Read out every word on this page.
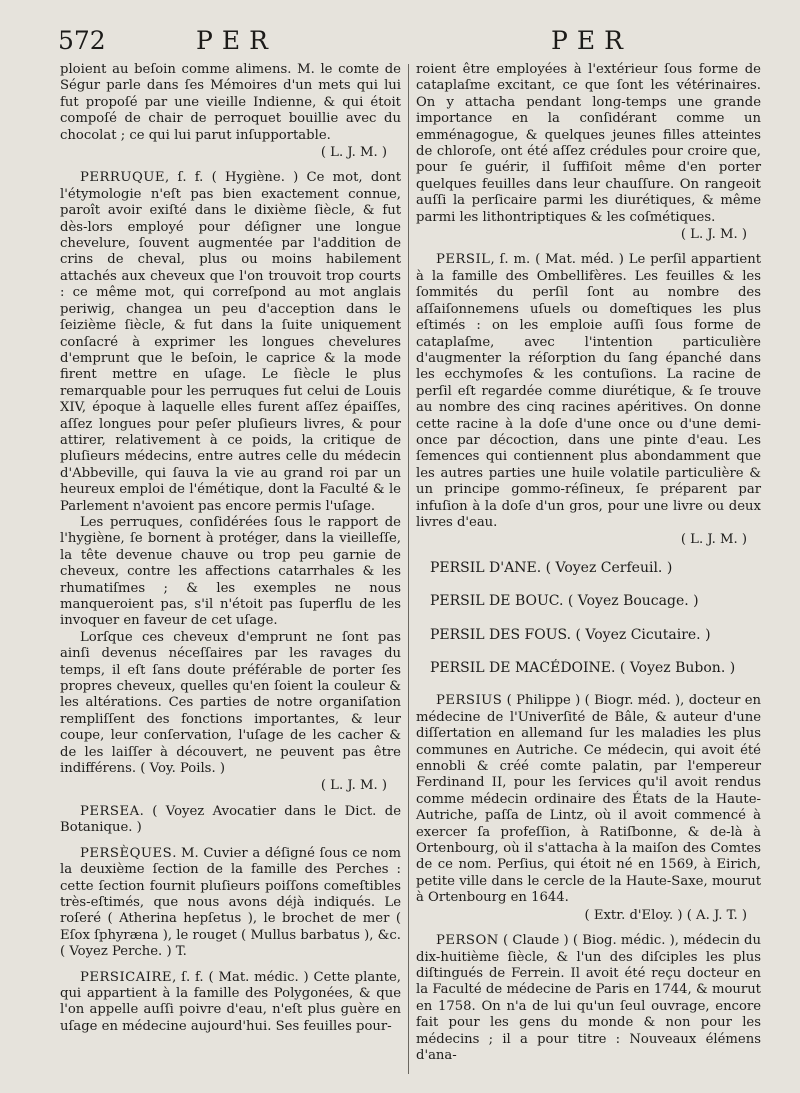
572	PER	PER

ploient au beſoin comme alimens. M. le comte de Ségur parle dans ſes Mémoires d'un mets qui lui fut propoſé par une vieille Indienne, & qui étoit compoſé de chair de perroquet bouillie avec du chocolat ; ce qui lui parut inſupportable.
( L. J. M. )

PERRUQUE, ſ. f. ( Hygiène. ) Ce mot, dont l'étymologie n'eſt pas bien exactement connue, paroît avoir exiſté dans le dixième ſiècle, & fut dès-lors employé pour déſigner une longue chevelure, ſouvent augmentée par l'addition de crins de cheval, plus ou moins habilement attachés aux cheveux que l'on trouvoit trop courts : ce même mot, qui correſpond au mot anglais periwig, changea un peu d'acception dans le ſeizième ſiècle, & fut dans la ſuite uniquement conſacré à exprimer les longues chevelures d'emprunt que le beſoin, le caprice & la mode firent mettre en uſage. Le ſiècle le plus remarquable pour les perruques fut celui de Louis XIV, époque à laquelle elles furent aſſez épaiſſes, aſſez longues pour peſer pluſieurs livres, & pour attirer, relativement à ce poids, la critique de pluſieurs médecins, entre autres celle du médecin d'Abbeville, qui ſauva la vie au grand roi par un heureux emploi de l'émétique, dont la Faculté & le Parlement n'avoient pas encore permis l'uſage.

Les perruques, conſidérées ſous le rapport de l'hygiène, ſe bornent à protéger, dans la vieilleſſe, la tête devenue chauve ou trop peu garnie de cheveux, contre les affections catarrhales & les rhumatiſmes ; & les exemples ne nous manqueroient pas, s'il n'étoit pas ſuperflu de les invoquer en faveur de cet uſage.

Lorſque ces cheveux d'emprunt ne ſont pas ainſi devenus néceſſaires par les ravages du temps, il eſt ſans doute préférable de porter ſes propres cheveux, quelles qu'en ſoient la couleur & les altérations. Ces parties de notre organiſation rempliſſent des fonctions importantes, & leur coupe, leur conſervation, l'uſage de les cacher & de les laiſſer à découvert, ne peuvent pas être indifférens. ( Voy. Poils. )
( L. J. M. )

PERSEA. ( Voyez Avocatier dans le Dict. de Botanique. )

PERSÈQUES. M. Cuvier a déſigné ſous ce nom la deuxième ſection de la famille des Perches : cette ſection fournit pluſieurs poiſſons comeſtibles très-eſtimés, que nous avons déjà indiqués. Le roſeré ( Atherina hepſetus ), le brochet de mer ( Eſox ſphyræna ), le rouget ( Mullus barbatus ), &c. ( Voyez Perche. ) T.

PERSICAIRE, ſ. f. ( Mat. médic. ) Cette plante, qui appartient à la famille des Polygonées, & que l'on appelle auſſi poivre d'eau, n'eſt plus guère en uſage en médecine aujourd'hui. Ses feuilles pour-

roient être employées à l'extérieur ſous forme de cataplaſme excitant, ce que ſont les vétérinaires. On y attacha pendant long-temps une grande importance en la conſidérant comme un emménagogue, & quelques jeunes filles atteintes de chloroſe, ont été aſſez crédules pour croire que, pour ſe guérir, il ſuffiſoit même d'en porter quelques feuilles dans leur chauſſure. On rangeoit auſſi la perſicaire parmi les diurétiques, & même parmi les lithontriptiques & les coſmétiques.
( L. J. M. )

PERSIL, ſ. m. ( Mat. méd. ) Le perſil appartient à la famille des Ombellifères. Les feuilles & les ſommités du perſil ſont au nombre des aſſaiſonnemens uſuels ou domeſtiques les plus eſtimés : on les emploie auſſi ſous forme de cataplaſme, avec l'intention particulière d'augmenter la réſorption du ſang épanché dans les ecchymoſes & les contuſions. La racine de perſil eſt regardée comme diurétique, & ſe trouve au nombre des cinq racines apéritives. On donne cette racine à la doſe d'une once ou d'une demi-once par décoction, dans une pinte d'eau. Les ſemences qui contiennent plus abondamment que les autres parties une huile volatile particulière & un principe gommo-réſineux, ſe préparent par infuſion à la doſe d'un gros, pour une livre ou deux livres d'eau.
( L. J. M. )

PERSIL D'ANE. ( Voyez Cerfeuil. )
PERSIL DE BOUC. ( Voyez Boucage. )
PERSIL DES FOUS. ( Voyez Cicutaire. )
PERSIL DE MACÉDOINE. ( Voyez Bubon. )

PERSIUS ( Philippe ) ( Biogr. méd. ), docteur en médecine de l'Univerſité de Bâle, & auteur d'une diſſertation en allemand ſur les maladies les plus communes en Autriche. Ce médecin, qui avoit été ennobli & créé comte palatin, par l'empereur Ferdinand II, pour les ſervices qu'il avoit rendus comme médecin ordinaire des États de la Haute-Autriche, paſſa de Lintz, où il avoit commencé à exercer ſa profeſſion, à Ratiſbonne, & de-là à Ortenbourg, où il s'attacha à la maiſon des Comtes de ce nom. Perſius, qui étoit né en 1569, à Eirich, petite ville dans le cercle de la Haute-Saxe, mourut à Ortenbourg en 1644.
( Extr. d'Eloy. ) ( A. J. T. )

PERSON ( Claude ) ( Biog. médic. ), médecin du dix-huitième ſiècle, & l'un des diſciples les plus diſtingués de Ferrein. Il avoit été reçu docteur en la Faculté de médecine de Paris en 1744, & mourut en 1758. On n'a de lui qu'un ſeul ouvrage, encore fait pour les gens du monde & non pour les médecins ; il a pour titre : Nouveaux élémens d'ana-
